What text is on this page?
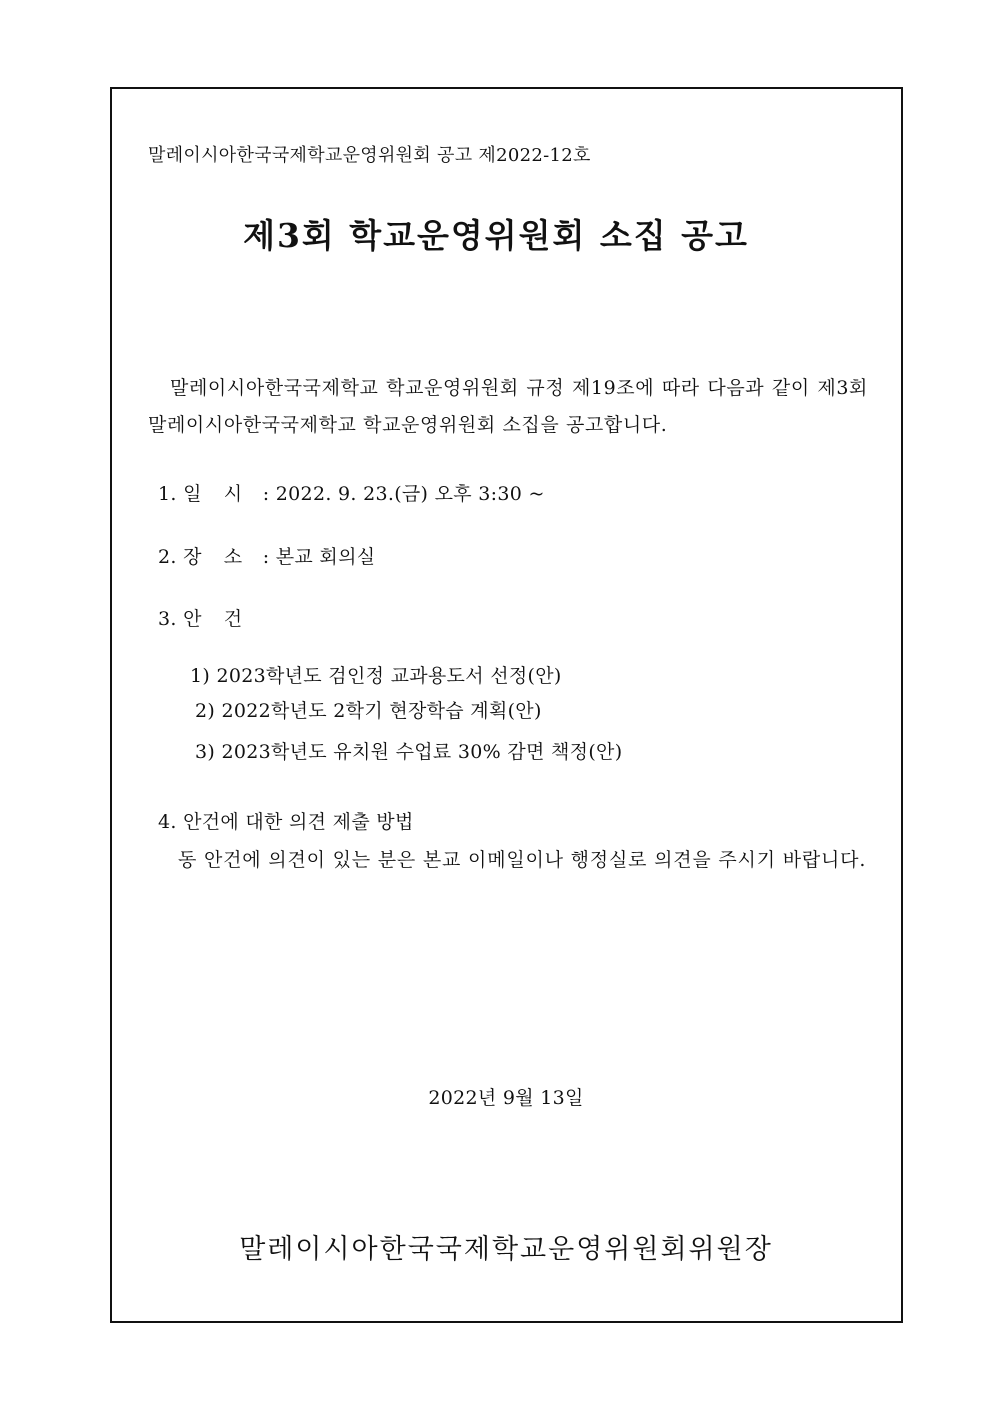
말레이시아한국국제학교운영위원회 공고 제2022-12호
제3회 학교운영위원회 소집 공고
말레이시아한국국제학교 학교운영위원회 규정 제19조에 따라 다음과 같이 제3회 말레이시아한국국제학교 학교운영위원회 소집을 공고합니다.
1. 일 시 : 2022. 9. 23.(금) 오후 3:30 ~
2. 장 소 : 본교 회의실
3. 안 건
1) 2023학년도 검인정 교과용도서 선정(안)
2) 2022학년도 2학기 현장학습 계획(안)
3) 2023학년도 유치원 수업료 30% 감면 책정(안)
4. 안건에 대한 의견 제출 방법
동 안건에 의견이 있는 분은 본교 이메일이나 행정실로 의견을 주시기 바랍니다.
2022년 9월 13일
말레이시아한국국제학교운영위원회위원장
